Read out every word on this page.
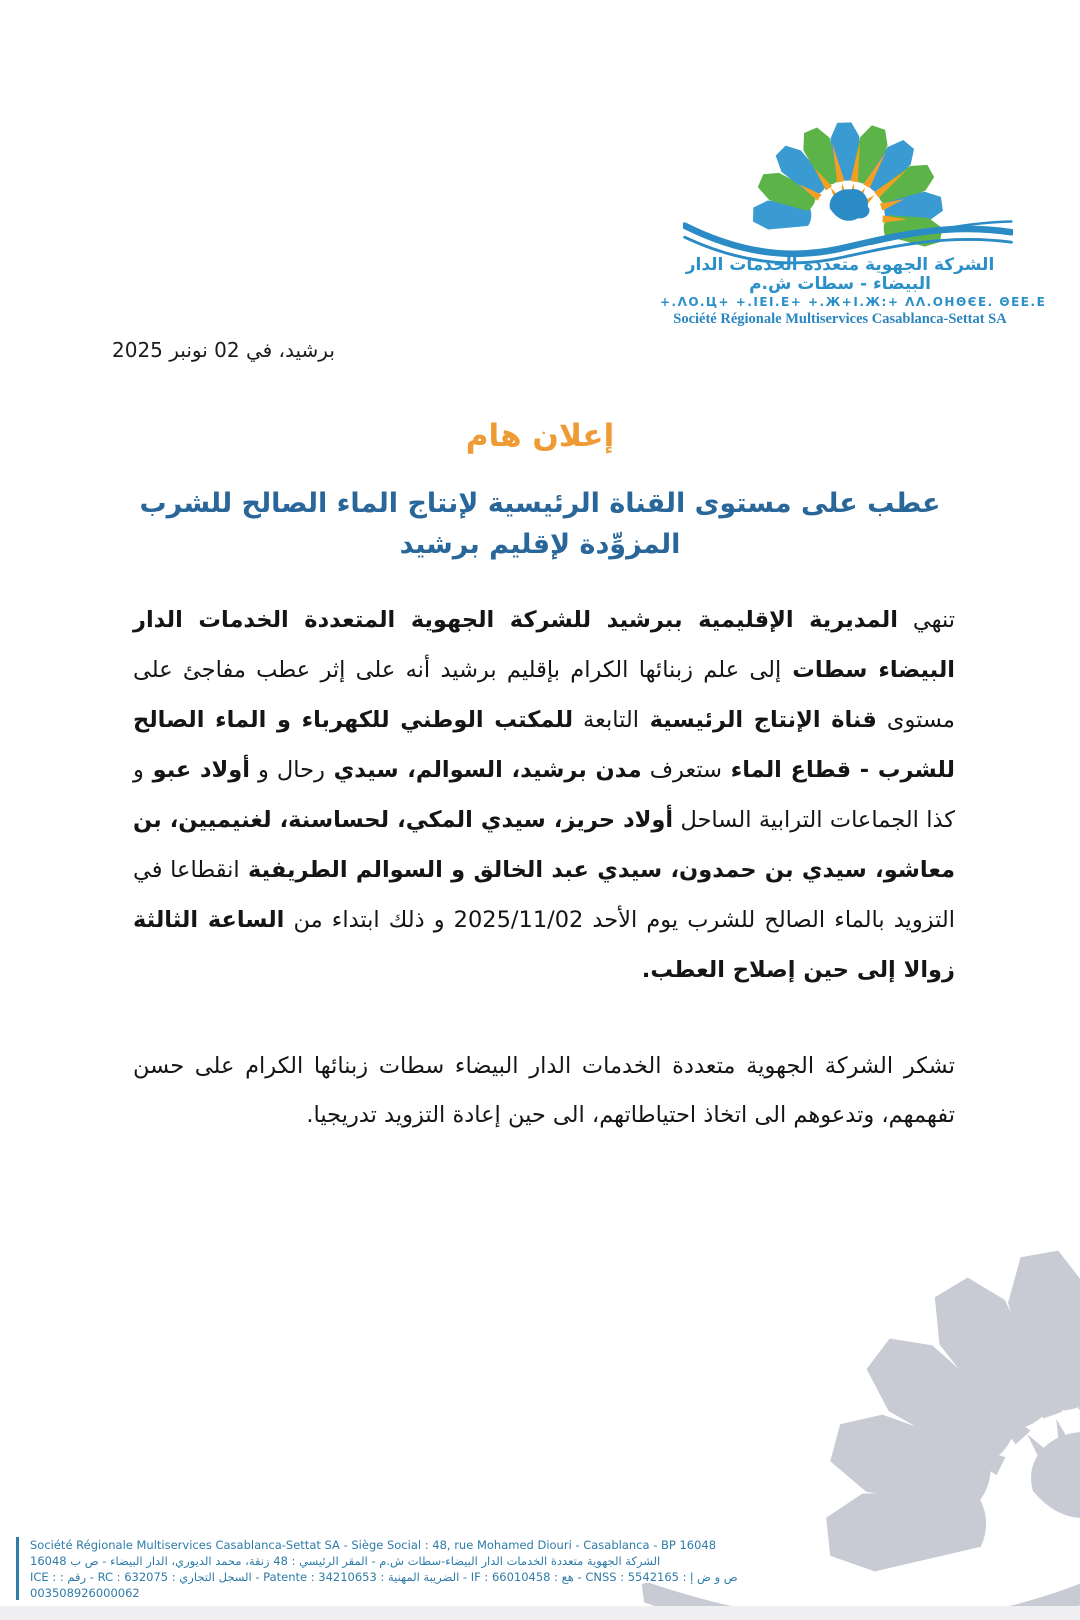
الشركة الجهوية متعددة الخدمات الدار البيضاء - سطات ش.م
+.ΛO.Ц+ +.ΙΕΙ.Ε+ +.Ж+Ι.Ж:+ ΛΛ.ΟΗΘЄΕ. ΘΕΕ.Ε
Société Régionale Multiservices Casablanca-Settat SA
برشيد، في 02 نونبر 2025
إعلان هام
عطب على مستوى القناة الرئيسية لإنتاج الماء الصالح للشرب
المزوِّدة لإقليم برشيد

تنهي المديرية الإقليمية ببرشيد للشركة الجهوية المتعددة الخدمات الدار البيضاء سطات إلى علم زبنائها الكرام بإقليم برشيد أنه على إثر عطب مفاجئ على مستوى قناة الإنتاج الرئيسية التابعة للمكتب الوطني للكهرباء و الماء الصالح للشرب - قطاع الماء ستعرف مدن برشيد، السوالم، سيدي رحال و أولاد عبو و كذا الجماعات الترابية الساحل أولاد حريز، سيدي المكي، لحساسنة، لغنيميين، بن معاشو، سيدي بن حمدون، سيدي عبد الخالق و السوالم الطريفية انقطاعا في التزويد بالماء الصالح للشرب يوم الأحد 2025/11/02 و ذلك ابتداء من الساعة الثالثة زوالا إلى حين إصلاح العطب.

تشكر الشركة الجهوية متعددة الخدمات الدار البيضاء سطات زبنائها الكرام على حسن تفهمهم، وتدعوهم الى اتخاذ احتياطاتهم، الى حين إعادة التزويد تدريجيا.

Société Régionale Multiservices Casablanca-Settat SA - Siège Social : 48, rue Mohamed Diouri - Casablanca - BP 16048
الشركة الجهوية متعددة الخدمات الدار البيضاء-سطات ش.م - المقر الرئيسي : 48 زنقة، محمد الديوري، الدار البيضاء - ص ب 16048
ص و ض إ : CNSS : 5542165 - هع : IF : 66010458 - الضريبة المهنية : Patente : 34210653 - السجل التجاري : RC : 632075 - رقم : ICE : 003508926000062
